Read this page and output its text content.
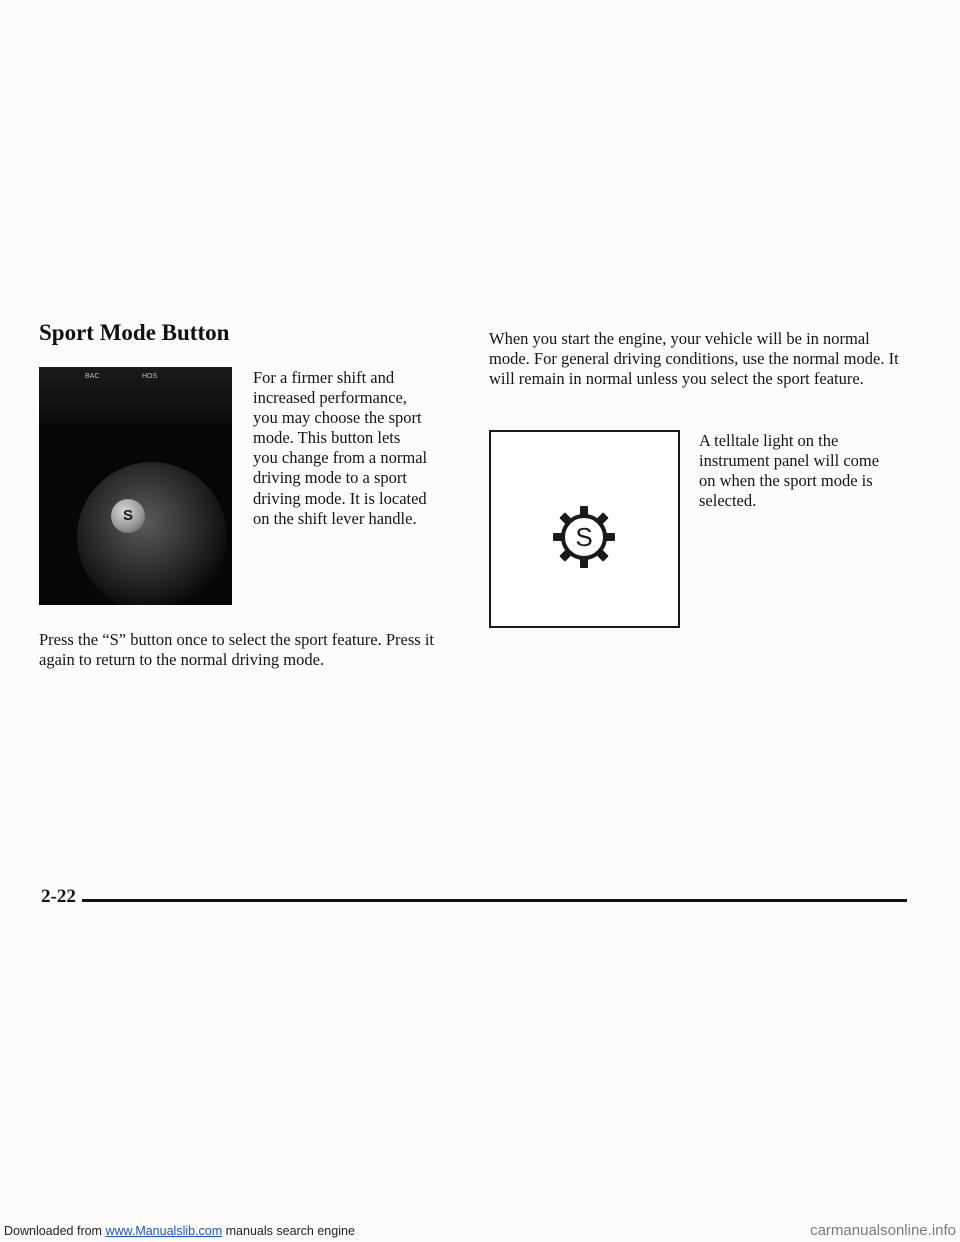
Sport Mode Button
BAC	HOS
S
For a firmer shift and increased performance, you may choose the sport mode. This button lets you change from a normal driving mode to a sport driving mode. It is located on the shift lever handle.
Press the “S” button once to select the sport feature. Press it again to return to the normal driving mode.
When you start the engine, your vehicle will be in normal mode. For general driving conditions, use the normal mode. It will remain in normal unless you select the sport feature.
S
A telltale light on the instrument panel will come on when the sport mode is selected.
2-22
Downloaded from www.Manualslib.com manuals search engine	carmanualsonline.info
